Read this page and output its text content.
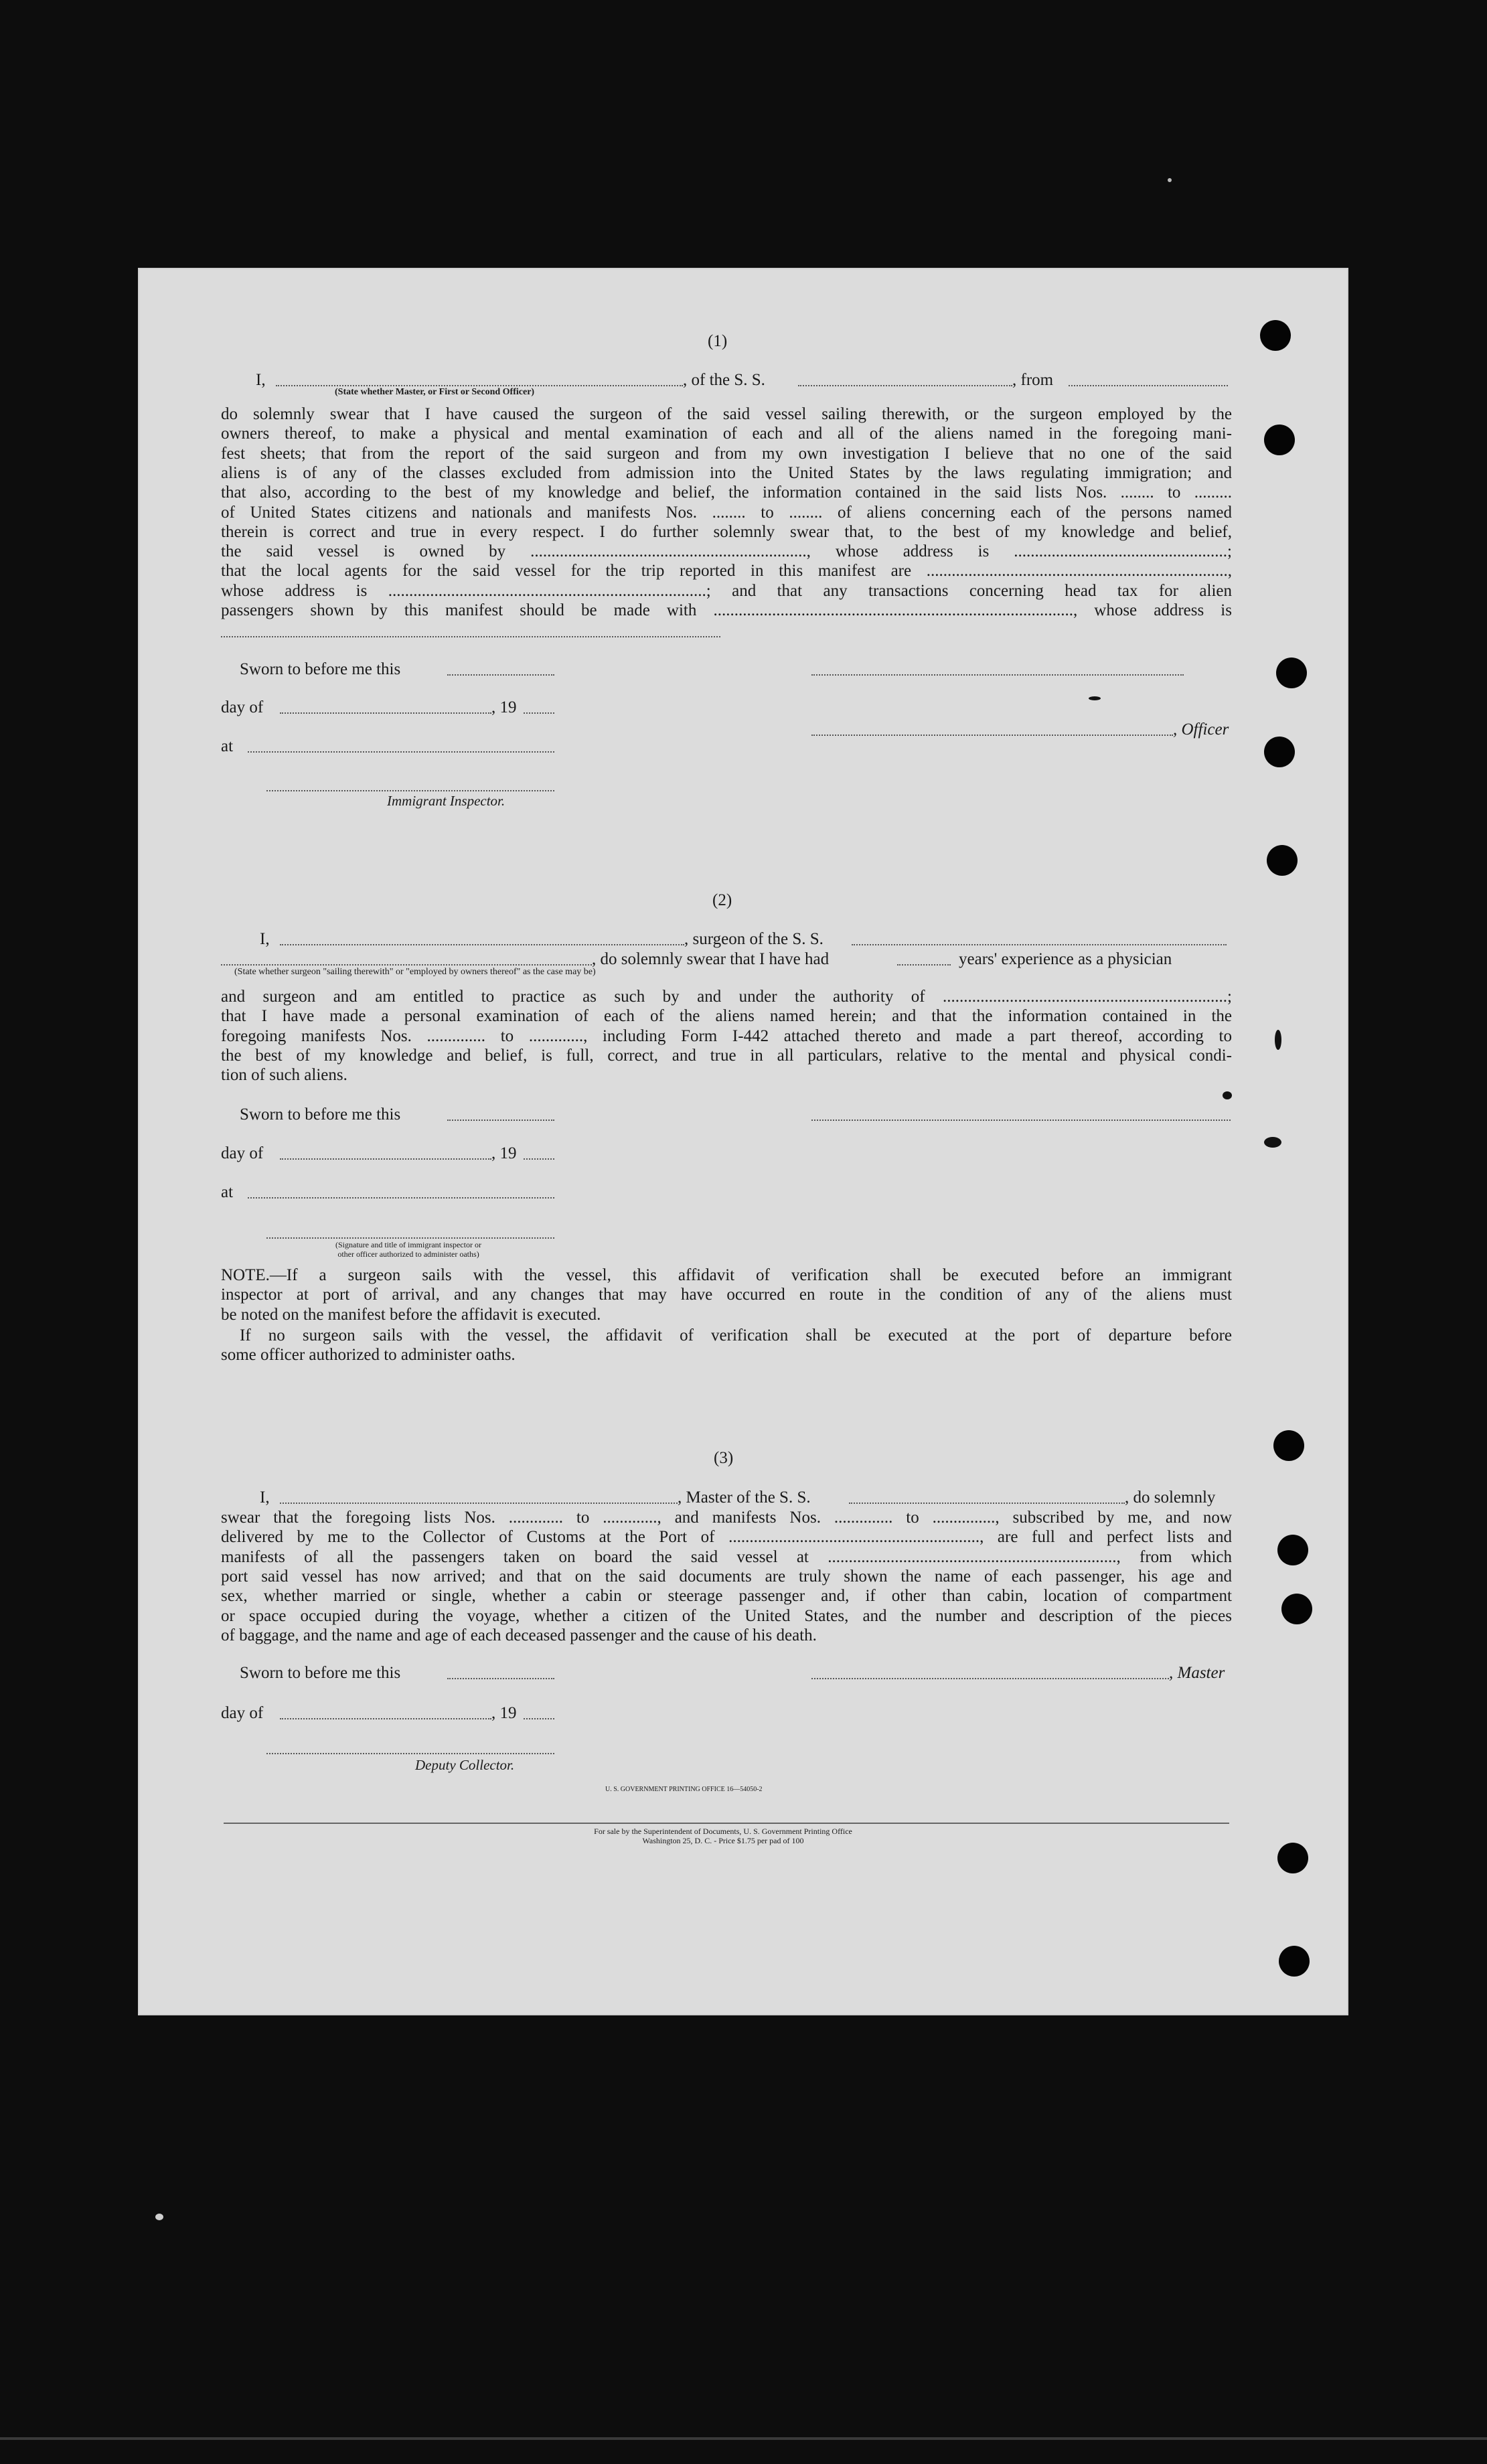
(1)
I,	, of the S. S.	, from
(State whether Master, or First or Second Officer)
do solemnly swear that I have caused the surgeon of the said vessel sailing therewith, or the surgeon employed by the
owners thereof, to make a physical and mental examination of each and all of the aliens named in the foregoing mani-
fest sheets; that from the report of the said surgeon and from my own investigation I believe that no one of the said
aliens is of any of the classes excluded from admission into the United States by the laws regulating immigration; and
that also, according to the best of my knowledge and belief, the information contained in the said lists Nos. ........ to .........
of United States citizens and nationals and manifests Nos. ........ to ........ of aliens concerning each of the persons named
therein is correct and true in every respect. I do further solemnly swear that, to the best of my knowledge and belief,
the said vessel is owned by .................................................................., whose address is ...................................................;
that the local agents for the said vessel for the trip reported in this manifest are ........................................................................,
whose address is ............................................................................; and that any transactions concerning head tax for alien
passengers shown by this manifest should be made with ......................................................................................, whose address is
Sworn to before me this
day of	, 19
, Officer
at
Immigrant Inspector.
(2)
I,	, surgeon of the S. S.
, do solemnly swear that I have had	years' experience as a physician
(State whether surgeon "sailing therewith" or "employed by owners thereof" as the case may be)
and surgeon and am entitled to practice as such by and under the authority of ....................................................................;
that I have made a personal examination of each of the aliens named herein; and that the information contained in the
foregoing manifests Nos. .............. to ............., including Form I-442 attached thereto and made a part thereof, according to
the best of my knowledge and belief, is full, correct, and true in all particulars, relative to the mental and physical condi-
tion of such aliens.
Sworn to before me this
day of	, 19
at
(Signature and title of immigrant inspector or
other officer authorized to administer oaths)
NOTE.—If a surgeon sails with the vessel, this affidavit of verification shall be executed before an immigrant
inspector at port of arrival, and any changes that may have occurred en route in the condition of any of the aliens must
be noted on the manifest before the affidavit is executed.
If no surgeon sails with the vessel, the affidavit of verification shall be executed at the port of departure before
some officer authorized to administer oaths.
(3)
I,	, Master of the S. S.	, do solemnly
swear that the foregoing lists Nos. ............. to ............., and manifests Nos. .............. to ..............., subscribed by me, and now
delivered by me to the Collector of Customs at the Port of ............................................................, are full and perfect lists and
manifests of all the passengers taken on board the said vessel at ....................................................................., from which
port said vessel has now arrived; and that on the said documents are truly shown the name of each passenger, his age and
sex, whether married or single, whether a cabin or steerage passenger and, if other than cabin, location of compartment
or space occupied during the voyage, whether a citizen of the United States, and the number and description of the pieces
of baggage, and the name and age of each deceased passenger and the cause of his death.
Sworn to before me this	, Master
day of	, 19
Deputy Collector.
U. S. GOVERNMENT PRINTING OFFICE 16—54050-2
For sale by the Superintendent of Documents, U. S. Government Printing Office
Washington 25, D. C. - Price $1.75 per pad of 100
